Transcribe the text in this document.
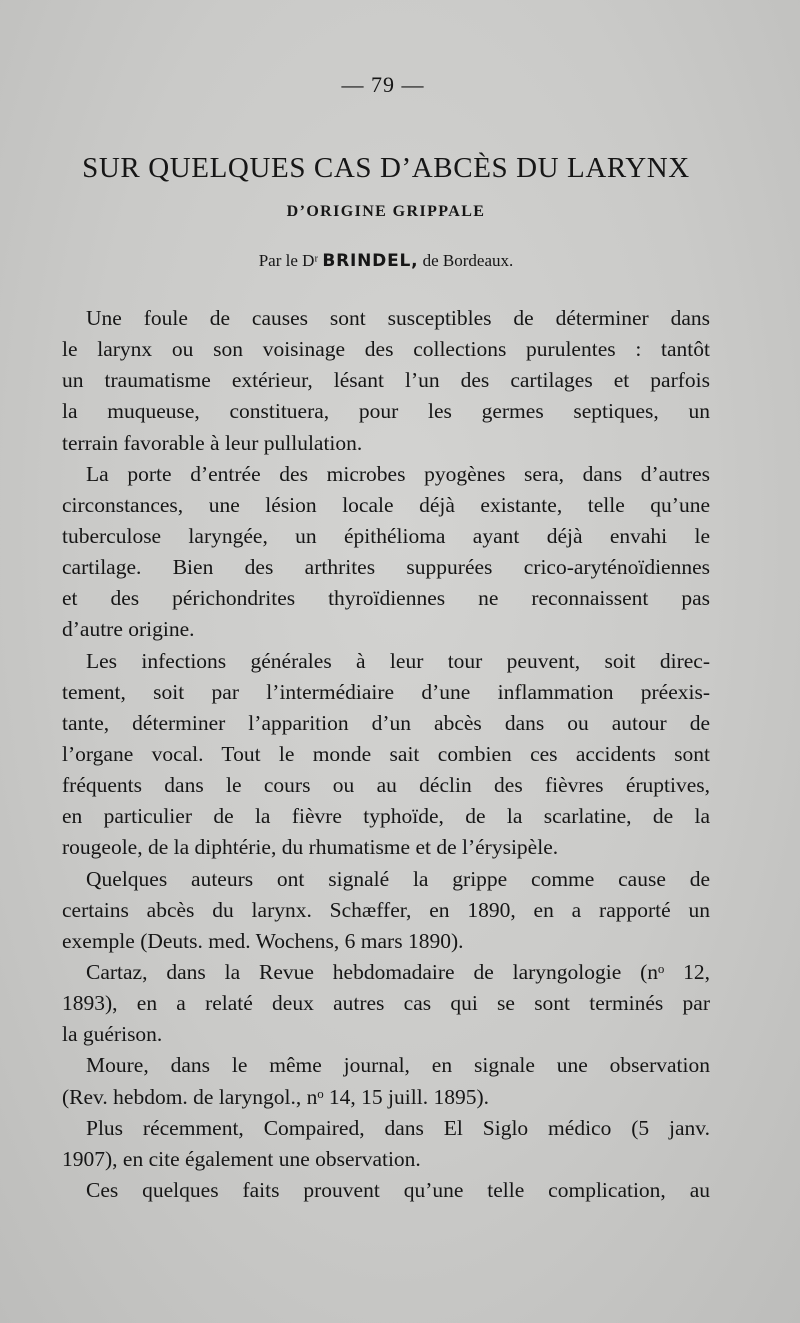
— 79 —
SUR QUELQUES CAS D’ABCÈS DU LARYNX
D’ORIGINE GRIPPALE
Par le Dʳ BRINDEL, de Bordeaux.
Une foule de causes sont susceptibles de déterminer dans
le larynx ou son voisinage des collections purulentes : tantôt
un traumatisme extérieur, lésant l’un des cartilages et parfois
la muqueuse, constituera, pour les germes septiques, un
terrain favorable à leur pullulation.
La porte d’entrée des microbes pyogènes sera, dans d’autres
circonstances, une lésion locale déjà existante, telle qu’une
tuberculose laryngée, un épithélioma ayant déjà envahi le
cartilage. Bien des arthrites suppurées crico-aryténoïdiennes
et des périchondrites thyroïdiennes ne reconnaissent pas
d’autre origine.
Les infections générales à leur tour peuvent, soit direc-
tement, soit par l’intermédiaire d’une inflammation préexis-
tante, déterminer l’apparition d’un abcès dans ou autour de
l’organe vocal. Tout le monde sait combien ces accidents sont
fréquents dans le cours ou au déclin des fièvres éruptives,
en particulier de la fièvre typhoïde, de la scarlatine, de la
rougeole, de la diphtérie, du rhumatisme et de l’érysipèle.
Quelques auteurs ont signalé la grippe comme cause de
certains abcès du larynx. Schæffer, en 1890, en a rapporté un
exemple (Deuts. med. Wochens, 6 mars 1890).
Cartaz, dans la Revue hebdomadaire de laryngologie (nᵒ 12,
1893), en a relaté deux autres cas qui se sont terminés par
la guérison.
Moure, dans le même journal, en signale une observation
(Rev. hebdom. de laryngol., nᵒ 14, 15 juill. 1895).
Plus récemment, Compaired, dans El Siglo médico (5 janv.
1907), en cite également une observation.
Ces quelques faits prouvent qu’une telle complication, au
